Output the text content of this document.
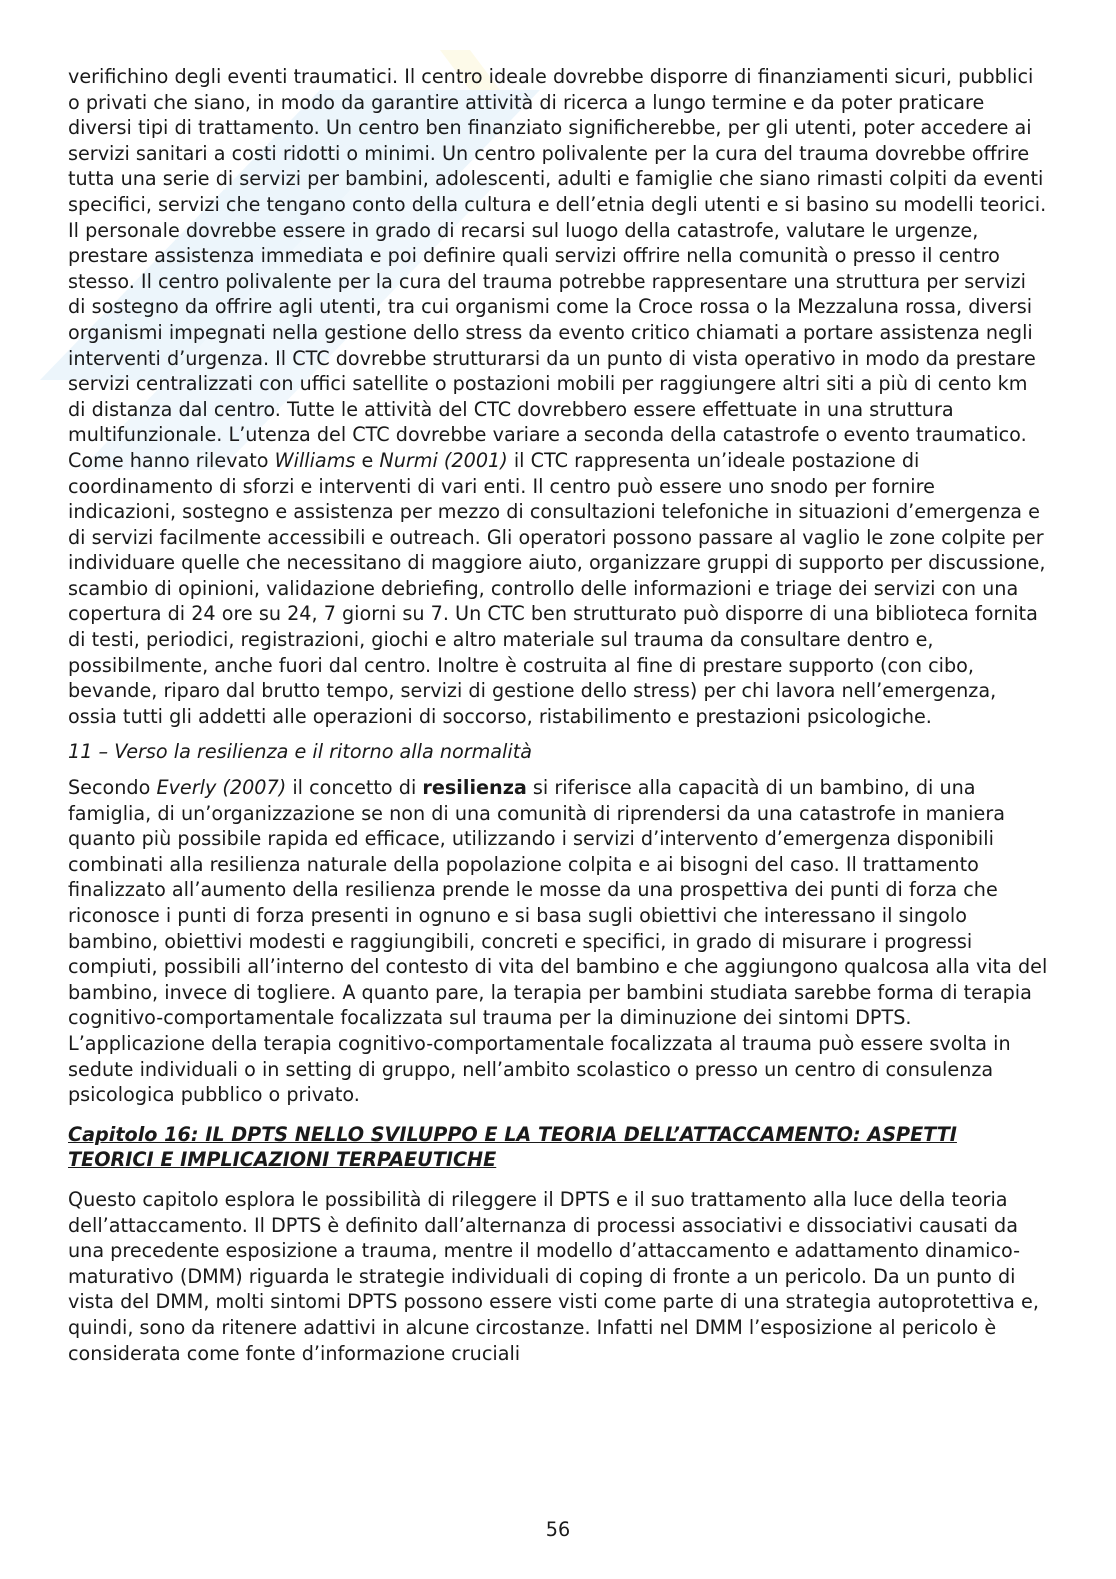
verifichino degli eventi traumatici. Il centro ideale dovrebbe disporre di finanziamenti sicuri, pubblici o privati che siano, in modo da garantire attività di ricerca a lungo termine e da poter praticare diversi tipi di trattamento. Un centro ben finanziato significherebbe, per gli utenti, poter accedere ai servizi sanitari a costi ridotti o minimi. Un centro polivalente per la cura del trauma dovrebbe offrire tutta una serie di servizi per bambini, adolescenti, adulti e famiglie che siano rimasti colpiti da eventi specifici, servizi che tengano conto della cultura e dell’etnia degli utenti e si basino su modelli teorici. Il personale dovrebbe essere in grado di recarsi sul luogo della catastrofe, valutare le urgenze, prestare assistenza immediata e poi definire quali servizi offrire nella comunità o presso il centro stesso. Il centro polivalente per la cura del trauma potrebbe rappresentare una struttura per servizi di sostegno da offrire agli utenti, tra cui organismi come la Croce rossa o la Mezzaluna rossa, diversi organismi impegnati nella gestione dello stress da evento critico chiamati a portare assistenza negli interventi d’urgenza. Il CTC dovrebbe strutturarsi da un punto di vista operativo in modo da prestare servizi centralizzati con uffici satellite o postazioni mobili per raggiungere altri siti a più di cento km di distanza dal centro. Tutte le attività del CTC dovrebbero essere effettuate in una struttura multifunzionale. L’utenza del CTC dovrebbe variare a seconda della catastrofe o evento traumatico.

Come hanno rilevato Williams e Nurmi (2001) il CTC rappresenta un’ideale postazione di coordinamento di sforzi e interventi di vari enti. Il centro può essere uno snodo per fornire indicazioni, sostegno e assistenza per mezzo di consultazioni telefoniche in situazioni d’emergenza e di servizi facilmente accessibili e outreach. Gli operatori possono passare al vaglio le zone colpite per individuare quelle che necessitano di maggiore aiuto, organizzare gruppi di supporto per discussione, scambio di opinioni, validazione debriefing, controllo delle informazioni e triage dei servizi con una copertura di 24 ore su 24, 7 giorni su 7. Un CTC ben strutturato può disporre di una biblioteca fornita di testi, periodici, registrazioni, giochi e altro materiale sul trauma da consultare dentro e, possibilmente, anche fuori dal centro. Inoltre è costruita al fine di prestare supporto (con cibo, bevande, riparo dal brutto tempo, servizi di gestione dello stress) per chi lavora nell’emergenza, ossia tutti gli addetti alle operazioni di soccorso, ristabilimento e prestazioni psicologiche.

11 – Verso la resilienza e il ritorno alla normalità

Secondo Everly (2007) il concetto di resilienza si riferisce alla capacità di un bambino, di una famiglia, di un’organizzazione se non di una comunità di riprendersi da una catastrofe in maniera quanto più possibile rapida ed efficace, utilizzando i servizi d’intervento d’emergenza disponibili combinati alla resilienza naturale della popolazione colpita e ai bisogni del caso. Il trattamento finalizzato all’aumento della resilienza prende le mosse da una prospettiva dei punti di forza che riconosce i punti di forza presenti in ognuno e si basa sugli obiettivi che interessano il singolo bambino, obiettivi modesti e raggiungibili, concreti e specifici, in grado di misurare i progressi compiuti, possibili all’interno del contesto di vita del bambino e che aggiungono qualcosa alla vita del bambino, invece di togliere. A quanto pare, la terapia per bambini studiata sarebbe forma di terapia cognitivo-comportamentale focalizzata sul trauma per la diminuzione dei sintomi DPTS. L’applicazione della terapia cognitivo-comportamentale focalizzata al trauma può essere svolta in sedute individuali o in setting di gruppo, nell’ambito scolastico o presso un centro di consulenza psicologica pubblico o privato.

Capitolo 16: IL DPTS NELLO SVILUPPO E LA TEORIA DELL’ATTACCAMENTO: ASPETTI TEORICI E IMPLICAZIONI TERPAEUTICHE

Questo capitolo esplora le possibilità di rileggere il DPTS e il suo trattamento alla luce della teoria dell’attaccamento. Il DPTS è definito dall’alternanza di processi associativi e dissociativi causati da una precedente esposizione a trauma, mentre il modello d’attaccamento e adattamento dinamico-maturativo (DMM) riguarda le strategie individuali di coping di fronte a un pericolo. Da un punto di vista del DMM, molti sintomi DPTS possono essere visti come parte di una strategia autoprotettiva e, quindi, sono da ritenere adattivi in alcune circostanze. Infatti nel DMM l’esposizione al pericolo è considerata come fonte d’informazione cruciali

56
